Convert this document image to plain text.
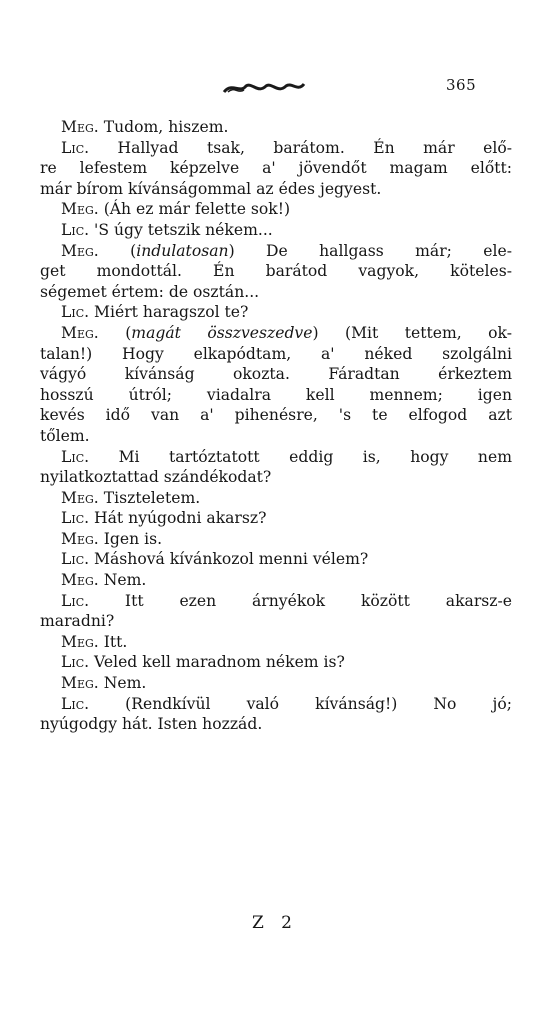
365
Meg. Tudom, hiszem.
Lic. Hallyad tsak, barátom. Én már elő-
re lefestem képzelve a' jövendőt magam előtt:
már bírom kívánságommal az édes jegyest.
Meg. (Áh ez már felette sok!)
Lic. 'S úgy tetszik nékem...
Meg. (indulatosan) De hallgass már; ele-
get mondottál. Én barátod vagyok, köteles-
ségemet értem: de osztán...
Lic. Miért haragszol te?
Meg. (magát összveszedve) (Mit tettem, ok-
talan!) Hogy elkapódtam, a' néked szolgálni
vágyó kívánság okozta. Fáradtan érkeztem
hosszú útról; viadalra kell mennem; igen
kevés idő van a' pihenésre, 's te elfogod azt
tőlem.
Lic. Mi tartóztatott eddig is, hogy nem
nyilatkoztattad szándékodat?
Meg. Tiszteletem.
Lic. Hát nyúgodni akarsz?
Meg. Igen is.
Lic. Máshová kívánkozol menni vélem?
Meg. Nem.
Lic. Itt ezen árnyékok között akarsz-e
maradni?
Meg. Itt.
Lic. Veled kell maradnom nékem is?
Meg. Nem.
Lic. (Rendkívül való kívánság!) No jó;
nyúgodgy hát. Isten hozzád.
Z 2
